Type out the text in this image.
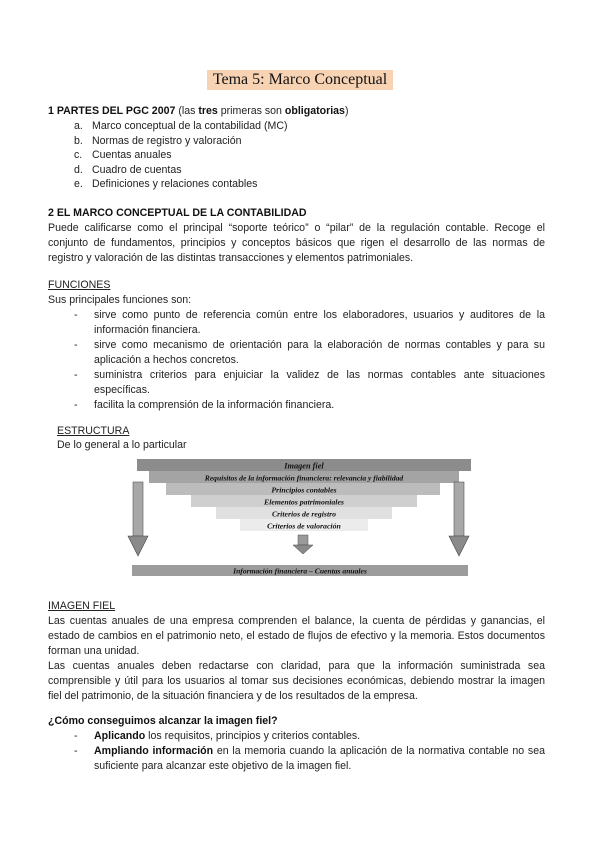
Tema 5: Marco Conceptual
1 PARTES DEL PGC 2007 (las tres primeras son obligatorias)
a. Marco conceptual de la contabilidad (MC)
b. Normas de registro y valoración
c. Cuentas anuales
d. Cuadro de cuentas
e. Definiciones y relaciones contables
2 EL MARCO CONCEPTUAL DE LA CONTABILIDAD

Puede calificarse como el principal “soporte teórico” o “pilar” de la regulación contable. Recoge el conjunto de fundamentos, principios y conceptos básicos que rigen el desarrollo de las normas de registro y valoración de las distintas transacciones y elementos patrimoniales.

FUNCIONES
Sus principales funciones son:
- sirve como punto de referencia común entre los elaboradores, usuarios y auditores de la información financiera.
- sirve como mecanismo de orientación para la elaboración de normas contables y para su aplicación a hechos concretos.
- suministra criterios para enjuiciar la validez de las normas contables ante situaciones específicas.
- facilita la comprensión de la información financiera.
ESTRUCTURA
De lo general a lo particular
Imagen fiel
Requisitos de la información financiera: relevancia y fiabilidad
Principios contables
Elementos patrimoniales
Criterios de registro
Criterios de valoración
Información financiera – Cuentas anuales
IMAGEN FIEL

Las cuentas anuales de una empresa comprenden el balance, la cuenta de pérdidas y ganancias, el estado de cambios en el patrimonio neto, el estado de flujos de efectivo y la memoria. Estos documentos forman una unidad.

Las cuentas anuales deben redactarse con claridad, para que la información suministrada sea comprensible y útil para los usuarios al tomar sus decisiones económicas, debiendo mostrar la imagen fiel del patrimonio, de la situación financiera y de los resultados de la empresa.

¿Cómo conseguimos alcanzar la imagen fiel?
- Aplicando los requisitos, principios y criterios contables.
- Ampliando información en la memoria cuando la aplicación de la normativa contable no sea suficiente para alcanzar este objetivo de la imagen fiel.
